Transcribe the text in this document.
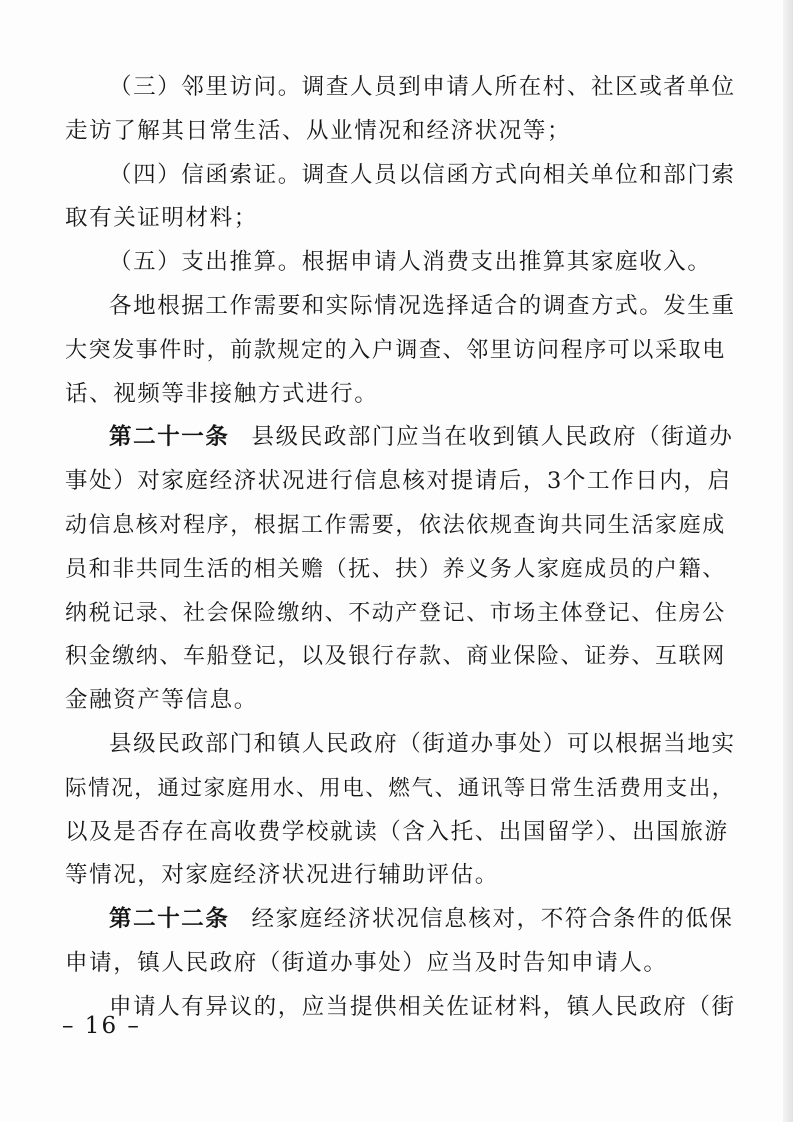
（三）邻里访问。调查人员到申请人所在村、社区或者单位
走访了解其日常生活、从业情况和经济状况等；
（四）信函索证。调查人员以信函方式向相关单位和部门索
取有关证明材料；
（五）支出推算。根据申请人消费支出推算其家庭收入。
各地根据工作需要和实际情况选择适合的调查方式。发生重
大突发事件时，前款规定的入户调查、邻里访问程序可以采取电
话、视频等非接触方式进行。
第二十一条 县级民政部门应当在收到镇人民政府（街道办
事处）对家庭经济状况进行信息核对提请后，3个工作日内，启
动信息核对程序，根据工作需要，依法依规查询共同生活家庭成
员和非共同生活的相关赡（抚、扶）养义务人家庭成员的户籍、
纳税记录、社会保险缴纳、不动产登记、市场主体登记、住房公
积金缴纳、车船登记，以及银行存款、商业保险、证券、互联网
金融资产等信息。
县级民政部门和镇人民政府（街道办事处）可以根据当地实
际情况，通过家庭用水、用电、燃气、通讯等日常生活费用支出，
以及是否存在高收费学校就读（含入托、出国留学）、出国旅游
等情况，对家庭经济状况进行辅助评估。
第二十二条 经家庭经济状况信息核对，不符合条件的低保
申请，镇人民政府（街道办事处）应当及时告知申请人。
申请人有异议的，应当提供相关佐证材料，镇人民政府（街
– 16 –
